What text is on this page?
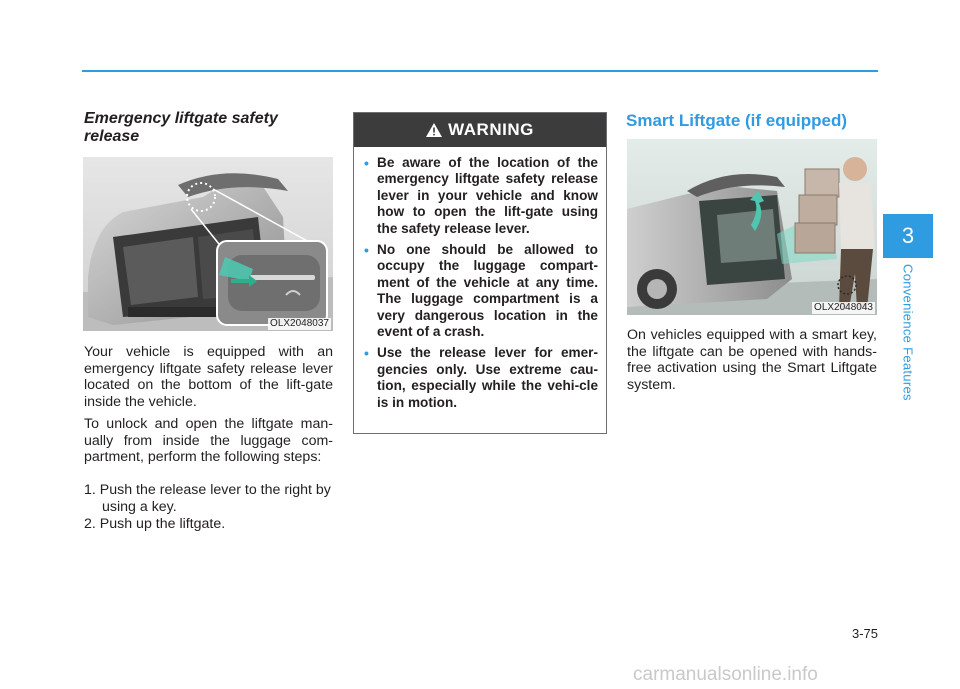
Emergency liftgate safety release
OLX2048037
Your vehicle is equipped with an emergency liftgate safety release lever located on the bottom of the lift-gate inside the vehicle.
To unlock and open the liftgate man-ually from inside the luggage com-partment, perform the following steps:
1. Push the release lever to the right by using a key.
2. Push up the liftgate.
WARNING
• Be aware of the location of the emergency liftgate safety release lever in your vehicle and know how to open the lift-gate using the safety release lever.
• No one should be allowed to occupy the luggage compart-ment of the vehicle at any time. The luggage compartment is a very dangerous location in the event of a crash.
• Use the release lever for emer-gencies only. Use extreme cau-tion, especially while the vehi-cle is in motion.
Smart Liftgate (if equipped)
OLX2048043
On vehicles equipped with a smart key, the liftgate can be opened with hands-free activation using the Smart Liftgate system.
3
Convenience Features
3-75
carmanualsonline.info
